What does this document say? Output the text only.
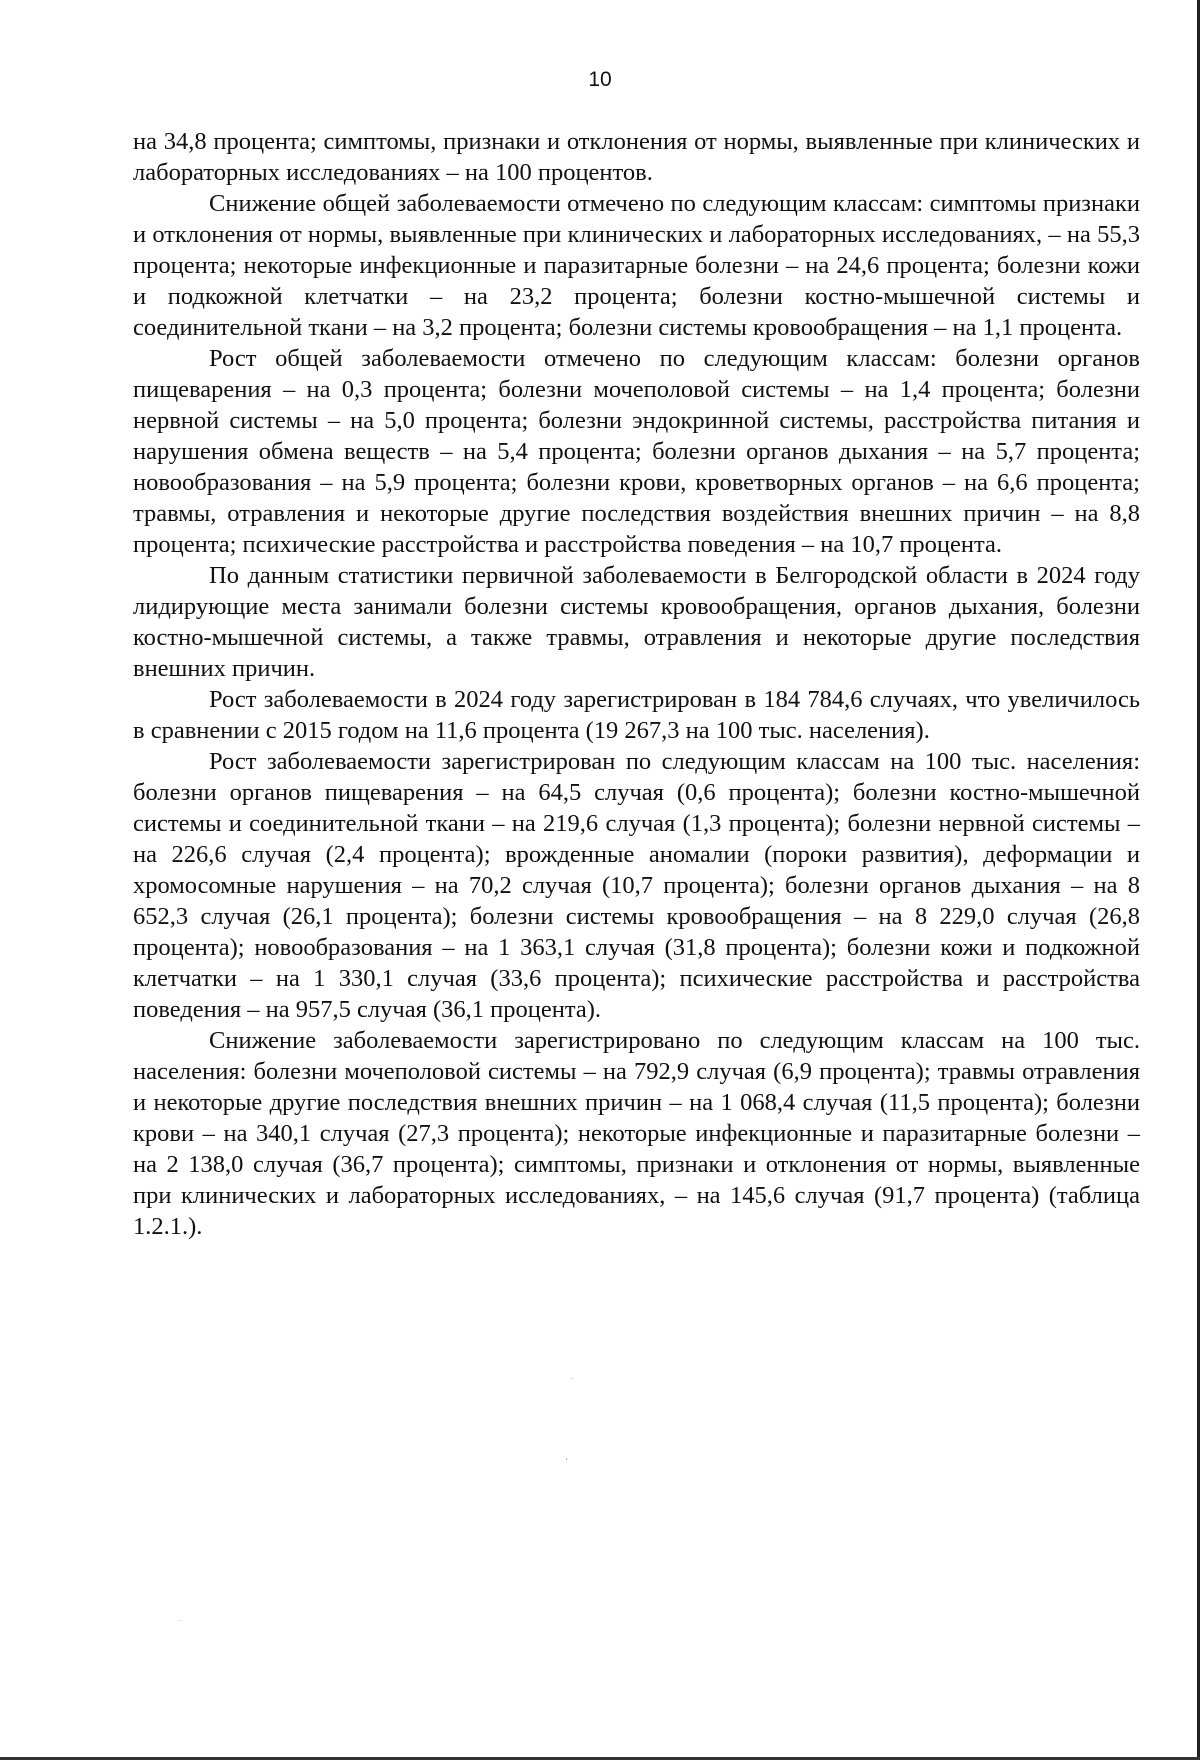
10

на 34,8 процента; симптомы, признаки и отклонения от нормы, выявленные при клинических и лабораторных исследованиях – на 100 процентов.

Снижение общей заболеваемости отмечено по следующим классам: симптомы признаки и отклонения от нормы, выявленные при клинических и лабораторных исследованиях, – на 55,3 процента; некоторые инфекционные и паразитарные болезни – на 24,6 процента; болезни кожи и подкожной клетчатки – на 23,2 процента; болезни костно-мышечной системы и соединительной ткани – на 3,2 процента; болезни системы кровообращения – на 1,1 процента.

Рост общей заболеваемости отмечено по следующим классам: болезни органов пищеварения – на 0,3 процента; болезни мочеполовой системы – на 1,4 процента; болезни нервной системы – на 5,0 процента; болезни эндокринной системы, расстройства питания и нарушения обмена веществ – на 5,4 процента; болезни органов дыхания – на 5,7 процента; новообразования – на 5,9 процента; болезни крови, кроветворных органов – на 6,6 процента; травмы, отравления и некоторые другие последствия воздействия внешних причин – на 8,8 процента; психические расстройства и расстройства поведения – на 10,7 процента.

По данным статистики первичной заболеваемости в Белгородской области в 2024 году лидирующие места занимали болезни системы кровообращения, органов дыхания, болезни костно-мышечной системы, а также травмы, отравления и некоторые другие последствия внешних причин.

Рост заболеваемости в 2024 году зарегистрирован в 184 784,6 случаях, что увеличилось в сравнении с 2015 годом на 11,6 процента (19 267,3 на 100 тыс. населения).

Рост заболеваемости зарегистрирован по следующим классам на 100 тыс. населения: болезни органов пищеварения – на 64,5 случая (0,6 процента); болезни костно-мышечной системы и соединительной ткани – на 219,6 случая (1,3 процента); болезни нервной системы – на 226,6 случая (2,4 процента); врожденные аномалии (пороки развития), деформации и хромосомные нарушения – на 70,2 случая (10,7 процента); болезни органов дыхания – на 8 652,3 случая (26,1 процента); болезни системы кровообращения – на 8 229,0 случая (26,8 процента); новообразования – на 1 363,1 случая (31,8 процента); болезни кожи и подкожной клетчатки – на 1 330,1 случая (33,6 процента); психические расстройства и расстройства поведения – на 957,5 случая (36,1 процента).

Снижение заболеваемости зарегистрировано по следующим классам на 100 тыс. населения: болезни мочеполовой системы – на 792,9 случая (6,9 процента); травмы отравления и некоторые другие последствия внешних причин – на 1 068,4 случая (11,5 процента); болезни крови – на 340,1 случая (27,3 процента); некоторые инфекционные и паразитарные болезни – на 2 138,0 случая (36,7 процента); симптомы, признаки и отклонения от нормы, выявленные при клинических и лабораторных исследованиях, – на 145,6 случая (91,7 процента) (таблица 1.2.1.).
